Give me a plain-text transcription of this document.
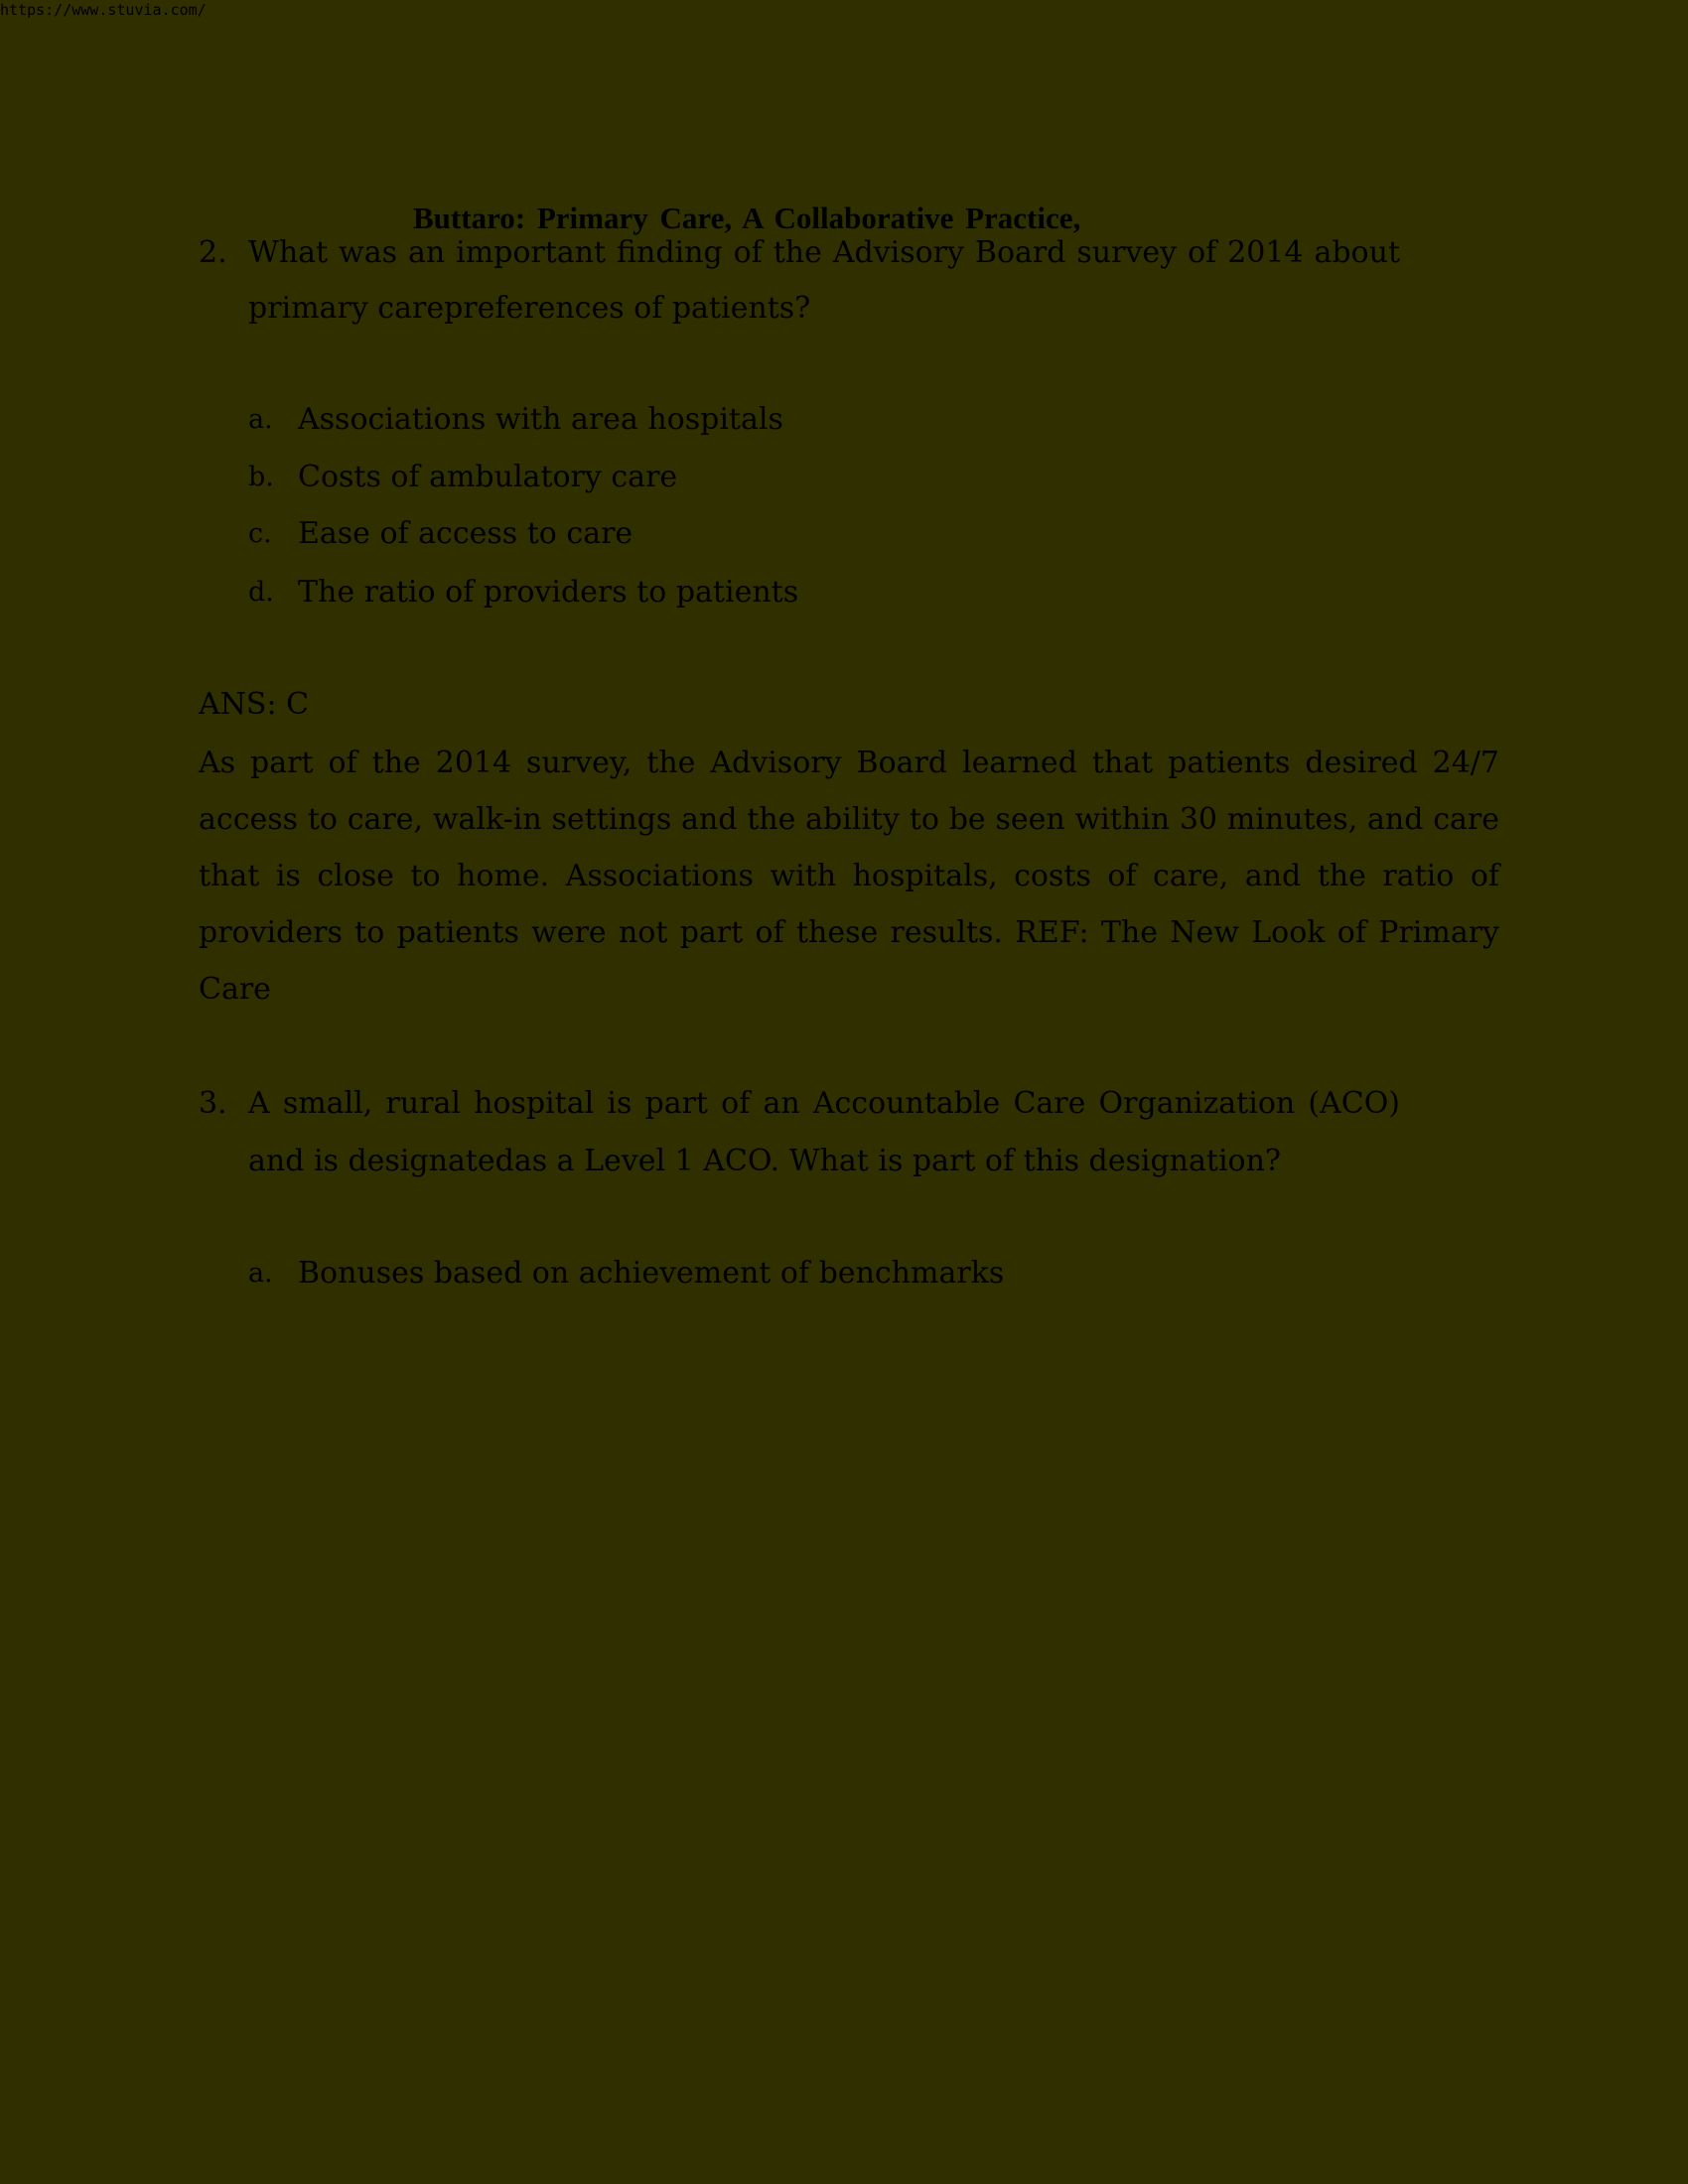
https://www.stuvia.com/
Buttaro: Primary Care, A Collaborative Practice,
2. What was an important finding of the Advisory Board survey of 2014 about primary carepreferences of patients?
a. Associations with area hospitals
b. Costs of ambulatory care
c. Ease of access to care
d. The ratio of providers to patients
ANS: C
As part of the 2014 survey, the Advisory Board learned that patients desired 24/7 access to care, walk-in settings and the ability to be seen within 30 minutes, and care that is close to home. Associations with hospitals, costs of care, and the ratio of providers to patients were not part of these results. REF: The New Look of Primary Care
3. A small, rural hospital is part of an Accountable Care Organization (ACO) and is designatedas a Level 1 ACO. What is part of this designation?
a. Bonuses based on achievement of benchmarks
